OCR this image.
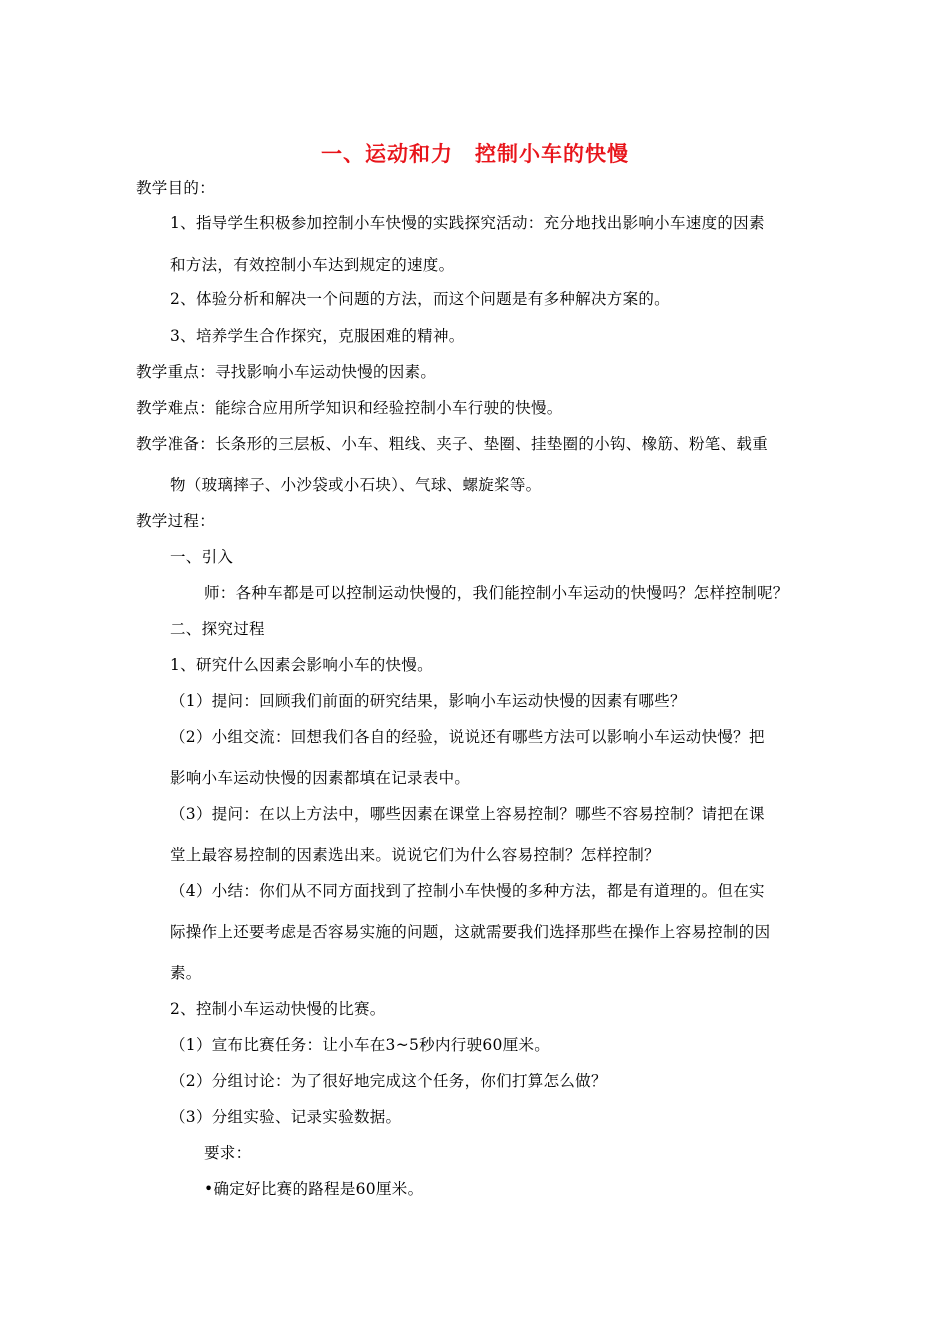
一、运动和力　控制小车的快慢
教学目的：
1、指导学生积极参加控制小车快慢的实践探究活动：充分地找出影响小车速度的因素
和方法，有效控制小车达到规定的速度。
2、体验分析和解决一个问题的方法，而这个问题是有多种解决方案的。
3、培养学生合作探究，克服困难的精神。
教学重点：寻找影响小车运动快慢的因素。
教学难点：能综合应用所学知识和经验控制小车行驶的快慢。
教学准备：长条形的三层板、小车、粗线、夹子、垫圈、挂垫圈的小钩、橡筋、粉笔、载重
物（玻璃摔子、小沙袋或小石块）、气球、螺旋桨等。
教学过程：
一、引入
师：各种车都是可以控制运动快慢的，我们能控制小车运动的快慢吗？怎样控制呢？
二、探究过程
1、研究什么因素会影响小车的快慢。
（1）提问：回顾我们前面的研究结果，影响小车运动快慢的因素有哪些？
（2）小组交流：回想我们各自的经验，说说还有哪些方法可以影响小车运动快慢？把
影响小车运动快慢的因素都填在记录表中。
（3）提问：在以上方法中，哪些因素在课堂上容易控制？哪些不容易控制？请把在课
堂上最容易控制的因素选出来。说说它们为什么容易控制？怎样控制？
（4）小结：你们从不同方面找到了控制小车快慢的多种方法，都是有道理的。但在实
际操作上还要考虑是否容易实施的问题，这就需要我们选择那些在操作上容易控制的因
素。
2、控制小车运动快慢的比赛。
（1）宣布比赛任务：让小车在3~5秒内行驶60厘米。
（2）分组讨论：为了很好地完成这个任务，你们打算怎么做？
（3）分组实验、记录实验数据。
要求：
•确定好比赛的路程是60厘米。
